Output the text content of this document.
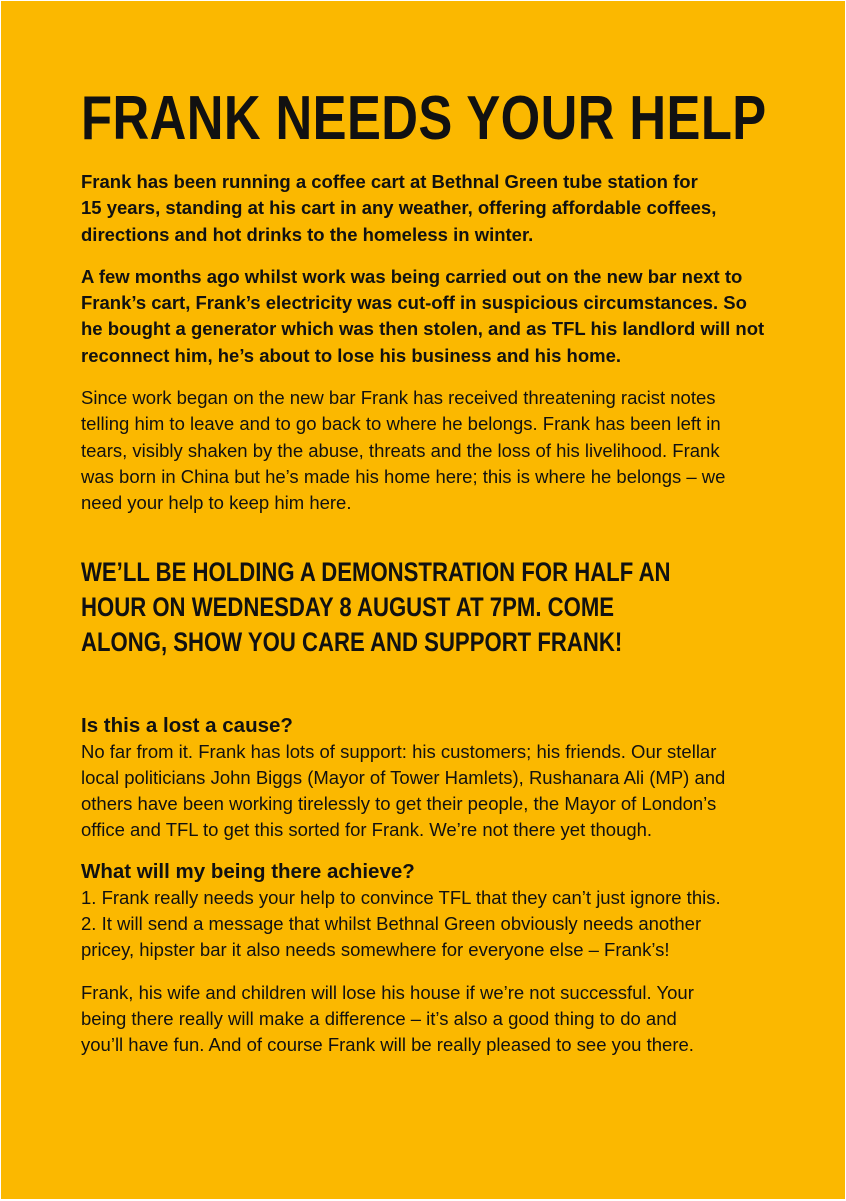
FRANK NEEDS YOUR HELP

Frank has been running a coffee cart at Bethnal Green tube station for
15 years, standing at his cart in any weather, offering affordable coffees,
directions and hot drinks to the homeless in winter.

A few months ago whilst work was being carried out on the new bar next to
Frank’s cart, Frank’s electricity was cut-off in suspicious circumstances. So
he bought a generator which was then stolen, and as TFL his landlord will not
reconnect him, he’s about to lose his business and his home.

Since work began on the new bar Frank has received threatening racist notes
telling him to leave and to go back to where he belongs. Frank has been left in
tears, visibly shaken by the abuse, threats and the loss of his livelihood. Frank
was born in China but he’s made his home here; this is where he belongs – we
need your help to keep him here.

WE’LL BE HOLDING A DEMONSTRATION FOR HALF AN
HOUR ON WEDNESDAY 8 AUGUST AT 7PM. COME
ALONG, SHOW YOU CARE AND SUPPORT FRANK!
Is this a lost a cause?

No far from it. Frank has lots of support: his customers; his friends. Our stellar
local politicians John Biggs (Mayor of Tower Hamlets), Rushanara Ali (MP) and
others have been working tirelessly to get their people, the Mayor of London’s
office and TFL to get this sorted for Frank. We’re not there yet though.

What will my being there achieve?

1. Frank really needs your help to convince TFL that they can’t just ignore this.
2. It will send a message that whilst Bethnal Green obviously needs another
pricey, hipster bar it also needs somewhere for everyone else – Frank’s!

Frank, his wife and children will lose his house if we’re not successful. Your
being there really will make a difference – it’s also a good thing to do and
you’ll have fun. And of course Frank will be really pleased to see you there.
